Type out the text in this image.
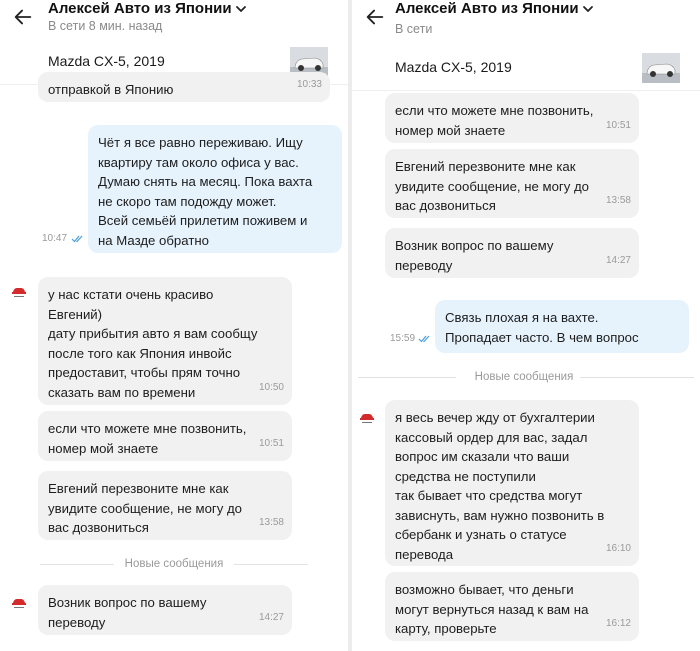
Алексей Авто из Японии
В сети 8 мин. назад
Mazda CX-5, 2019
отправкой в Японию	10:33
Чёт я все равно переживаю. Ищу
квартиру там около офиса у вас.
Думаю снять на месяц. Пока вахта
не скоро там подожду может.
Всей семьёй прилетим поживем и
на Мазде обратно
10:47
у нас кстати очень красиво
Евгений)
дату прибытия авто я вам сообщу
после того как Япония инвойс
предоставит, чтобы прям точно
сказать вам по времени	10:50
если что можете мне позвонить,
номер мой знаете	10:51
Евгений перезвоните мне как
увидите сообщение, не могу до
вас дозвониться	13:58
Новые сообщения
Возник вопрос по вашему
переводу	14:27
Алексей Авто из Японии
В сети
Mazda CX-5, 2019
если что можете мне позвонить,
номер мой знаете	10:51
Евгений перезвоните мне как
увидите сообщение, не могу до
вас дозвониться	13:58
Возник вопрос по вашему
переводу	14:27
Связь плохая я на вахте.
Пропадает часто. В чем вопрос
15:59
Новые сообщения
я весь вечер жду от бухгалтерии
кассовый ордер для вас, задал
вопрос им сказали что ваши
средства не поступили
так бывает что средства могут
зависнуть, вам нужно позвонить в
сбербанк и узнать о статусе
перевода	16:10
возможно бывает, что деньги
могут вернуться назад к вам на
карту, проверьте	16:12
